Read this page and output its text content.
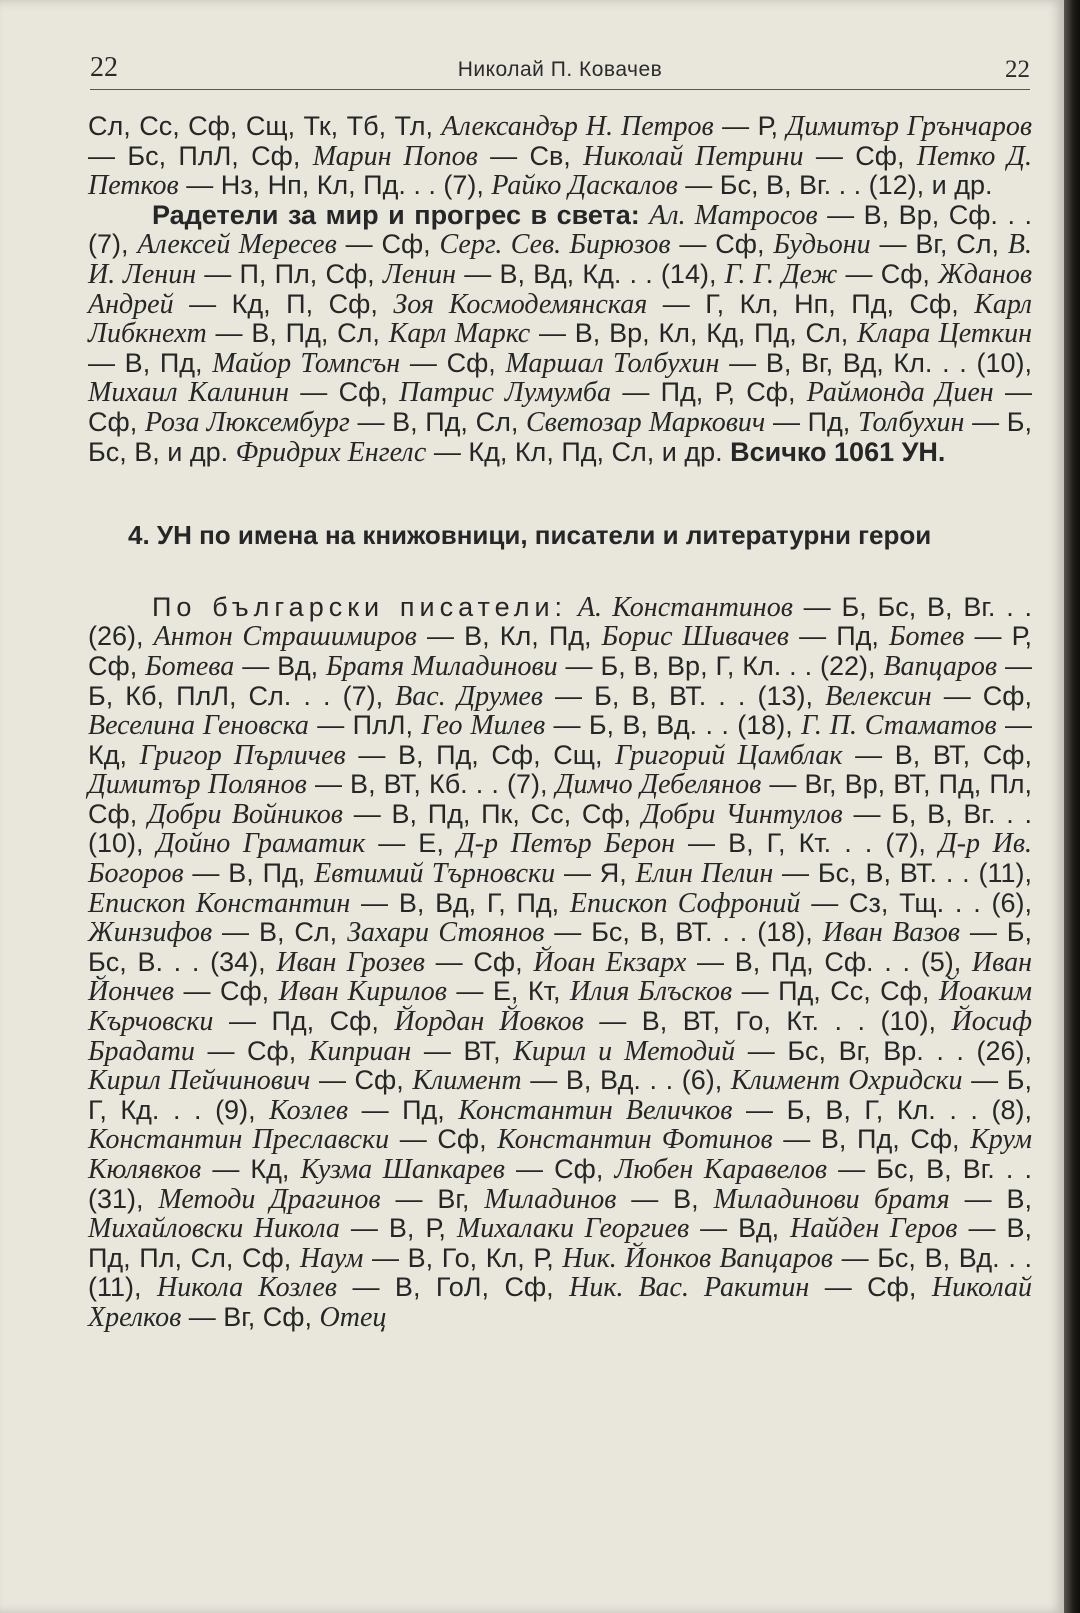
22	Николай П. Ковачев	22

Сл, Сс, Сф, Сщ, Тк, Тб, Тл, Александър Н. Петров — Р, Димитър Грънчаров — Бс, ПлЛ, Сф, Марин Попов — Св, Николай Петрини — Сф, Петко Д. Петков — Нз, Нп, Кл, Пд. . . (7), Райко Даскалов — Бс, В, Вг. . . (12), и др.

Радетели за мир и прогрес в света: Ал. Матросов — В, Вр, Сф. . . (7), Алексей Мересев — Сф, Серг. Сев. Бирюзов — Сф, Будьони — Вг, Сл, В. И. Ленин — П, Пл, Сф, Ленин — В, Вд, Кд. . . (14), Г. Г. Деж — Сф, Жданов Андрей — Кд, П, Сф, Зоя Космодемянская — Г, Кл, Нп, Пд, Сф, Карл Либкнехт — В, Пд, Сл, Карл Маркс — В, Вр, Кл, Кд, Пд, Сл, Клара Цеткин — В, Пд, Майор Томпсън — Сф, Маршал Толбухин — В, Вг, Вд, Кл. . . (10), Михаил Калинин — Сф, Патрис Лумумба — Пд, Р, Сф, Раймонда Диен — Сф, Роза Люксембург — В, Пд, Сл, Светозар Маркович — Пд, Толбухин — Б, Бс, В, и др. Фридрих Енгелс — Кд, Кл, Пд, Сл, и др. Всичко 1061 УН.

4. УН по имена на книжовници, писатели и литературни герои

По български писатели: А. Константинов — Б, Бс, В, Вг. . . (26), Антон Страшимиров — В, Кл, Пд, Борис Шивачев — Пд, Ботев — Р, Сф, Ботева — Вд, Братя Миладинови — Б, В, Вр, Г, Кл. . . (22), Вапцаров — Б, Кб, ПлЛ, Сл. . . (7), Вас. Друмев — Б, В, ВТ. . . (13), Велексин — Сф, Веселина Геновска — ПлЛ, Гео Милев — Б, В, Вд. . . (18), Г. П. Стаматов — Кд, Григор Пърличев — В, Пд, Сф, Сщ, Григорий Цамблак — В, ВТ, Сф, Димитър Полянов — В, ВТ, Кб. . . (7), Димчо Дебелянов — Вг, Вр, ВТ, Пд, Пл, Сф, Добри Войников — В, Пд, Пк, Сс, Сф, Добри Чинтулов — Б, В, Вг. . . (10), Дойно Граматик — Е, Д-р Петър Берон — В, Г, Кт. . . (7), Д-р Ив. Богоров — В, Пд, Евтимий Търновски — Я, Елин Пелин — Бс, В, ВТ. . . (11), Епископ Константин — В, Вд, Г, Пд, Епископ Софроний — Сз, Тщ. . . (6), Жинзифов — В, Сл, Захари Стоянов — Бс, В, ВТ. . . (18), Иван Вазов — Б, Бс, В. . . (34), Иван Грозев — Сф, Йоан Екзарх — В, Пд, Сф. . . (5), Иван Йончев — Сф, Иван Кирилов — Е, Кт, Илия Блъсков — Пд, Сс, Сф, Йоаким Кърчовски — Пд, Сф, Йордан Йовков — В, ВТ, Го, Кт. . . (10), Йосиф Брадати — Сф, Киприан — ВТ, Кирил и Методий — Бс, Вг, Вр. . . (26), Кирил Пейчинович — Сф, Климент — В, Вд. . . (6), Климент Охридски — Б, Г, Кд. . . (9), Козлев — Пд, Константин Величков — Б, В, Г, Кл. . . (8), Константин Преславски — Сф, Константин Фотинов — В, Пд, Сф, Крум Кюлявков — Кд, Кузма Шапкарев — Сф, Любен Каравелов — Бс, В, Вг. . . (31), Методи Драгинов — Вг, Миладинов — В, Миладинови братя — В, Михайловски Никола — В, Р, Михалаки Георгиев — Вд, Найден Геров — В, Пд, Пл, Сл, Сф, Наум — В, Го, Кл, Р, Ник. Йонков Вапцаров — Бс, В, Вд. . . (11), Никола Козлев — В, ГоЛ, Сф, Ник. Вас. Ракитин — Сф, Николай Хрелков — Вг, Сф, Отец
